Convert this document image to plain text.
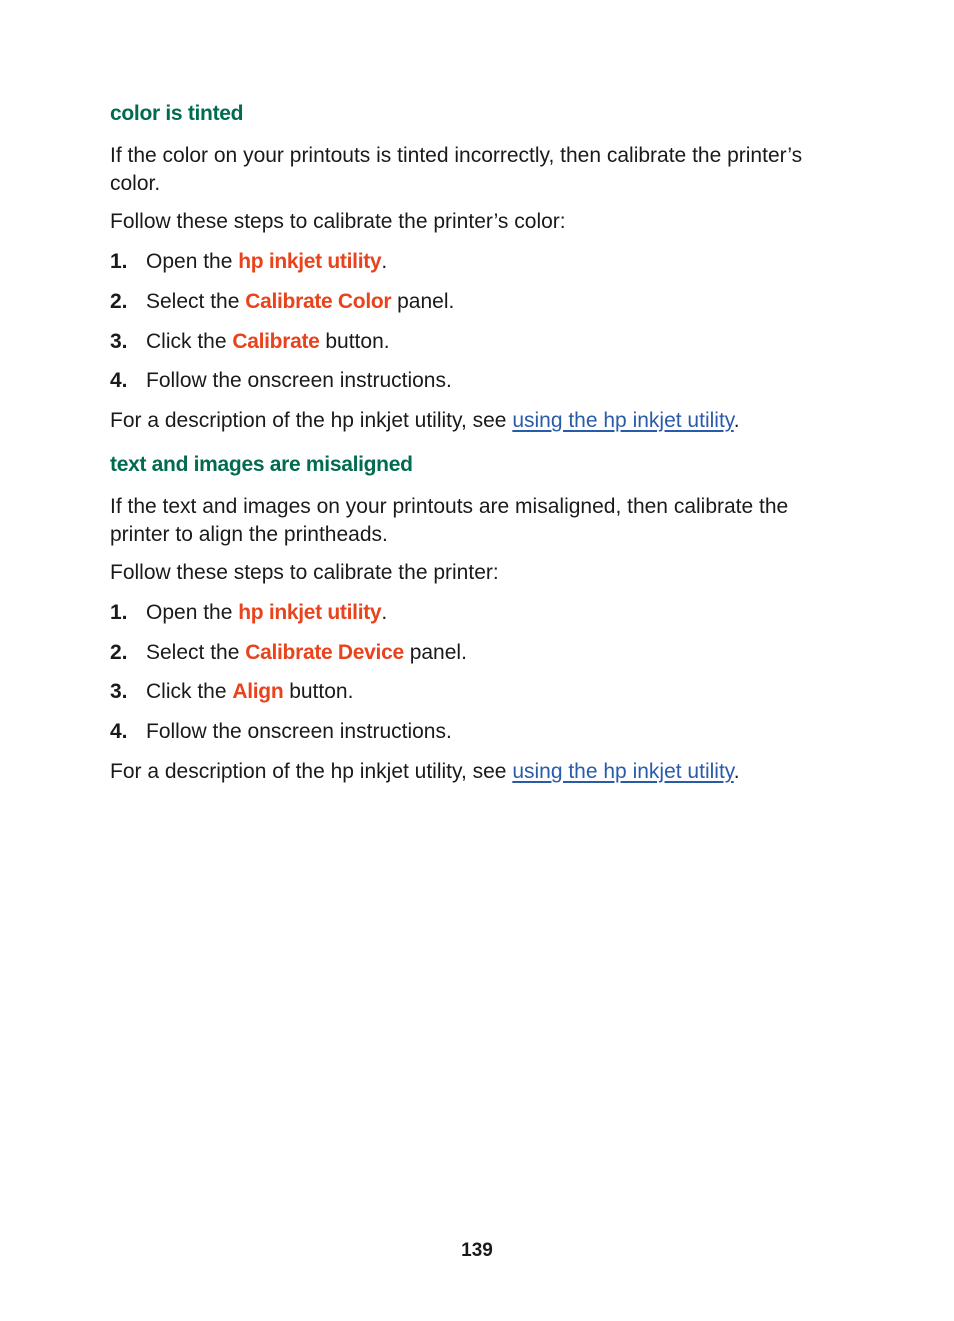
color is tinted
If the color on your printouts is tinted incorrectly, then calibrate the printer’s color.
Follow these steps to calibrate the printer’s color:
1. Open the hp inkjet utility.
2. Select the Calibrate Color panel.
3. Click the Calibrate button.
4. Follow the onscreen instructions.
For a description of the hp inkjet utility, see using the hp inkjet utility.
text and images are misaligned
If the text and images on your printouts are misaligned, then calibrate the printer to align the printheads.
Follow these steps to calibrate the printer:
1. Open the hp inkjet utility.
2. Select the Calibrate Device panel.
3. Click the Align button.
4. Follow the onscreen instructions.
For a description of the hp inkjet utility, see using the hp inkjet utility.
139
